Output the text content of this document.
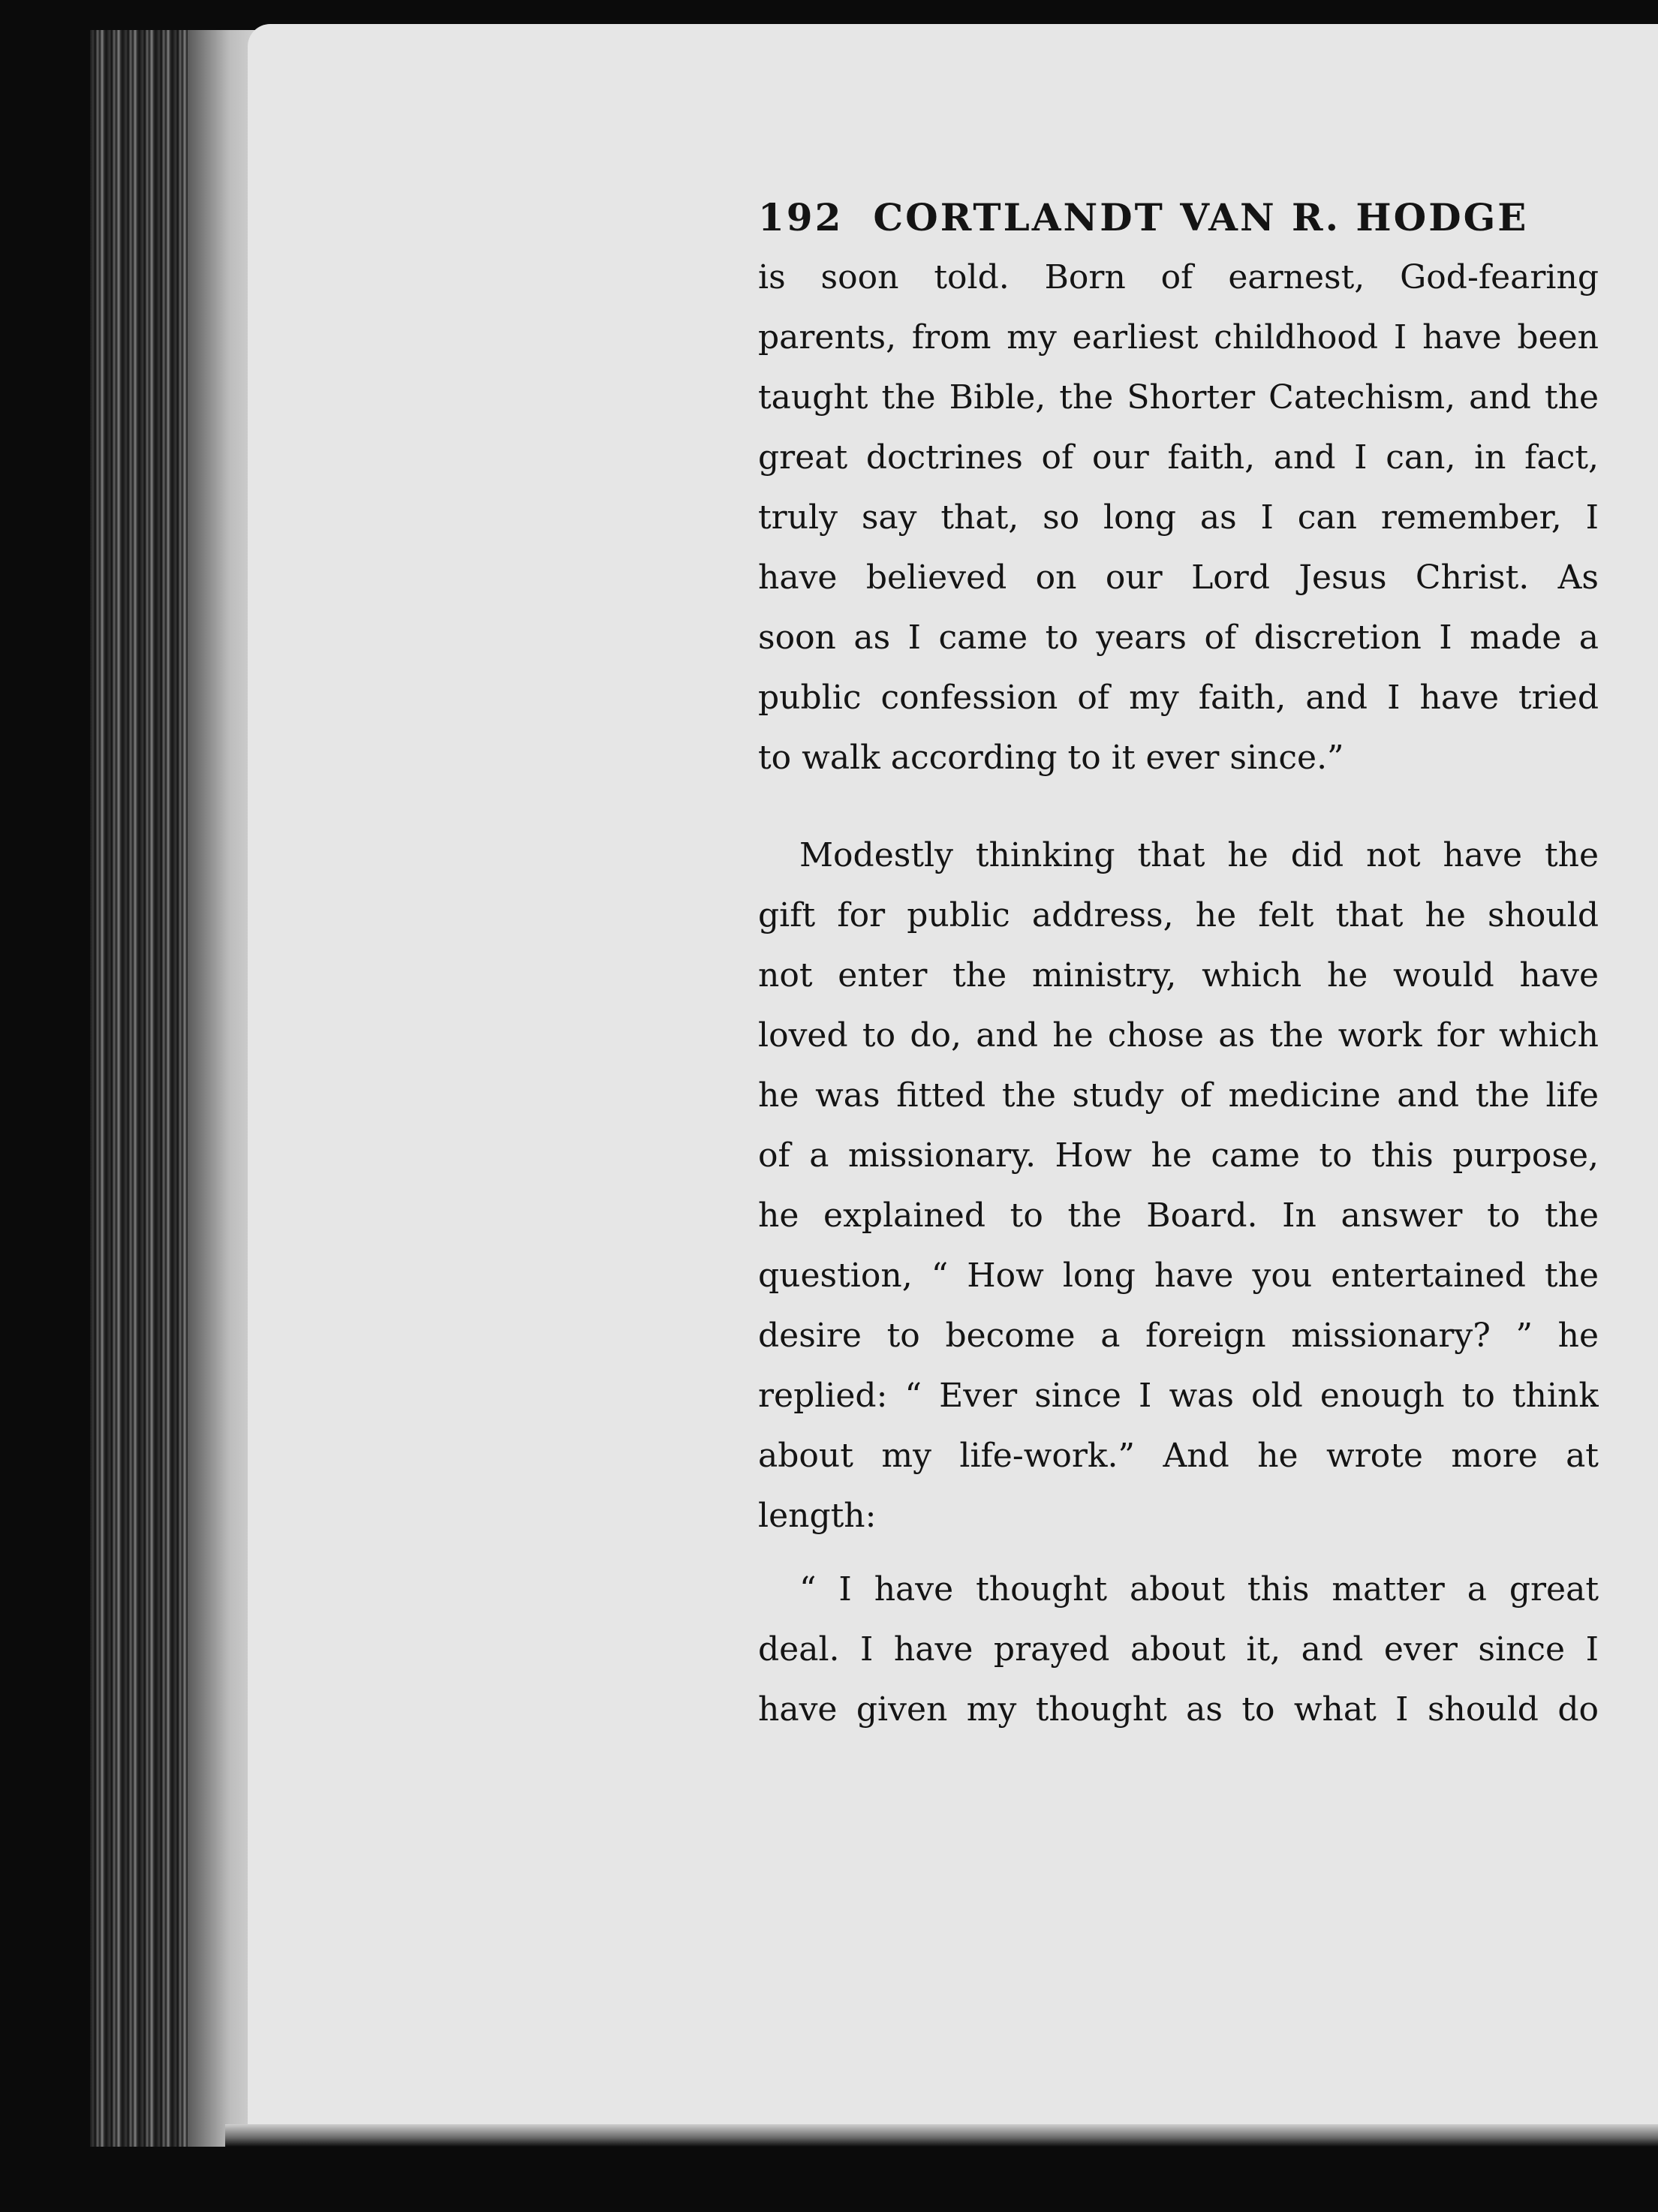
192 CORTLANDT VAN R. HODGE
is soon told. Born of earnest, God-fearing
parents, from my earliest childhood I have been
taught the Bible, the Shorter Catechism, and the
great doctrines of our faith, and I can, in fact,
truly say that, so long as I can remember, I
have believed on our Lord Jesus Christ. As
soon as I came to years of discretion I made a
public confession of my faith, and I have tried
to walk according to it ever since.”
Modestly thinking that he did not have the
gift for public address, he felt that he should
not enter the ministry, which he would have
loved to do, and he chose as the work for which
he was fitted the study of medicine and the life
of a missionary. How he came to this purpose,
he explained to the Board. In answer to the
question, “ How long have you entertained the
desire to become a foreign missionary? ” he
replied: “ Ever since I was old enough to think
about my life-work.” And he wrote more at
length:
“ I have thought about this matter a great
deal. I have prayed about it, and ever since I
have given my thought as to what I should do
